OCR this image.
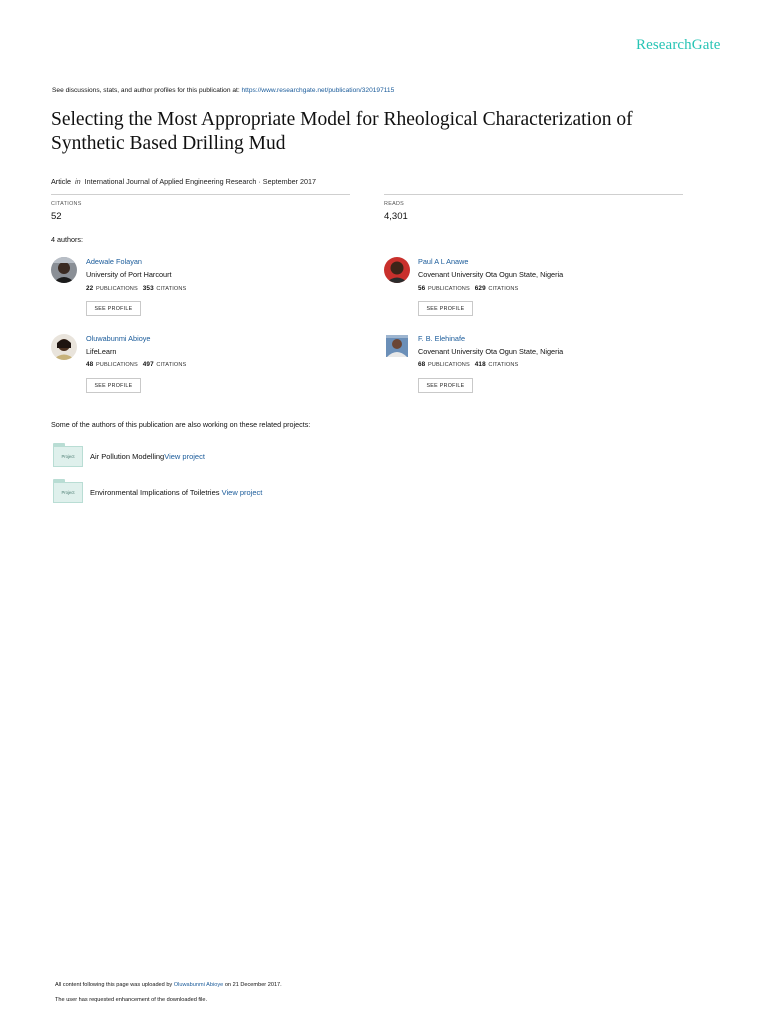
ResearchGate
See discussions, stats, and author profiles for this publication at: https://www.researchgate.net/publication/320197115
Selecting the Most Appropriate Model for Rheological Characterization of Synthetic Based Drilling Mud
Article in International Journal of Applied Engineering Research · September 2017
CITATIONS
52
READS
4,301
4 authors:
Adewale Folayan
University of Port Harcourt
22 PUBLICATIONS 353 CITATIONS
SEE PROFILE
Paul A L Anawe
Covenant University Ota Ogun State, Nigeria
56 PUBLICATIONS 629 CITATIONS
SEE PROFILE
Oluwabunmi Abioye
LifeLearn
48 PUBLICATIONS 497 CITATIONS
SEE PROFILE
F. B. Elehinafe
Covenant University Ota Ogun State, Nigeria
68 PUBLICATIONS 418 CITATIONS
SEE PROFILE
Some of the authors of this publication are also working on these related projects:
Project Air Pollution ModellingView project
Project Environmental Implications of Toiletries View project
All content following this page was uploaded by Oluwabunmi Abioye on 21 December 2017.
The user has requested enhancement of the downloaded file.
